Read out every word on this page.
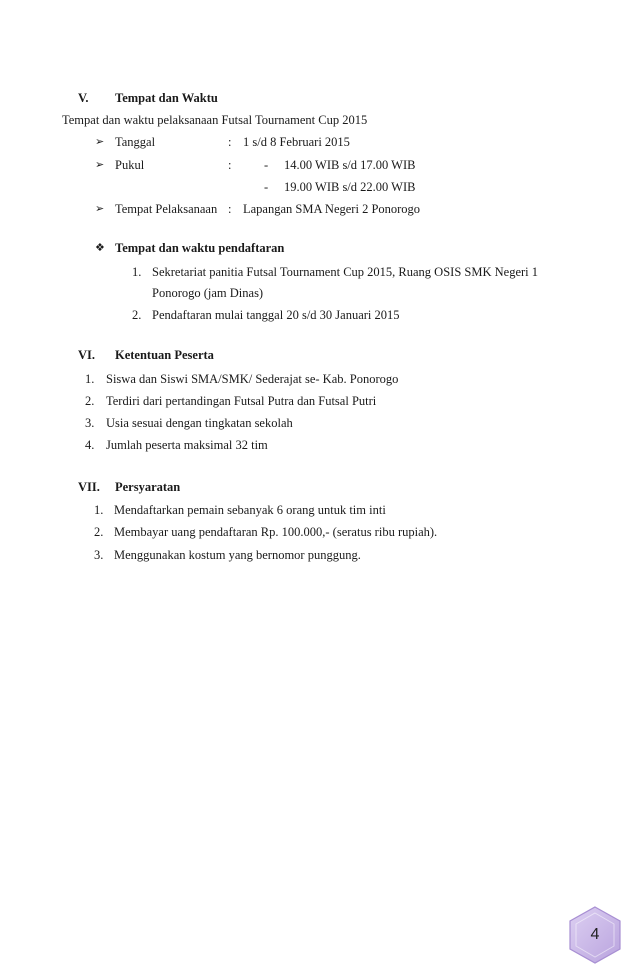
V. Tempat dan Waktu
Tempat dan waktu pelaksanaan Futsal Tournament Cup 2015
➢ Tanggal	: 1 s/d 8 Februari 2015
➢ Pukul	:	- 14.00 WIB s/d 17.00 WIB
- 19.00 WIB s/d 22.00 WIB
➢ Tempat Pelaksanaan : Lapangan SMA Negeri 2 Ponorogo
❖ Tempat dan waktu pendaftaran
1. Sekretariat panitia Futsal Tournament Cup 2015, Ruang OSIS SMK Negeri 1
Ponorogo (jam Dinas)
2. Pendaftaran mulai tanggal 20 s/d 30 Januari 2015
VI. Ketentuan Peserta
1. Siswa dan Siswi SMA/SMK/ Sederajat se- Kab. Ponorogo
2. Terdiri dari pertandingan Futsal Putra dan Futsal Putri
3. Usia sesuai dengan tingkatan sekolah
4. Jumlah peserta maksimal 32 tim
VII. Persyaratan
1. Mendaftarkan pemain sebanyak 6 orang untuk tim inti
2. Membayar uang pendaftaran Rp. 100.000,- (seratus ribu rupiah).
3. Menggunakan kostum yang bernomor punggung.
4
